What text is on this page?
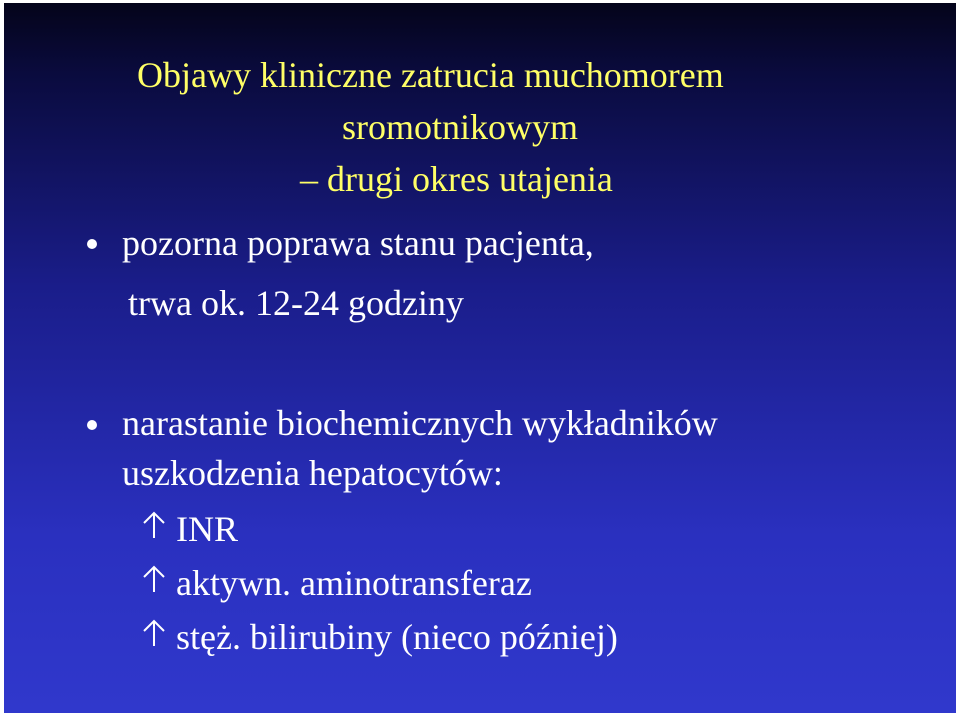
Objawy kliniczne zatrucia muchomorem
sromotnikowym
– drugi okres utajenia
pozorna poprawa stanu pacjenta,
trwa ok. 12-24 godziny
narastanie biochemicznych wykładników
uszkodzenia hepatocytów:
INR
aktywn. aminotransferaz
stęż. bilirubiny (nieco później)
